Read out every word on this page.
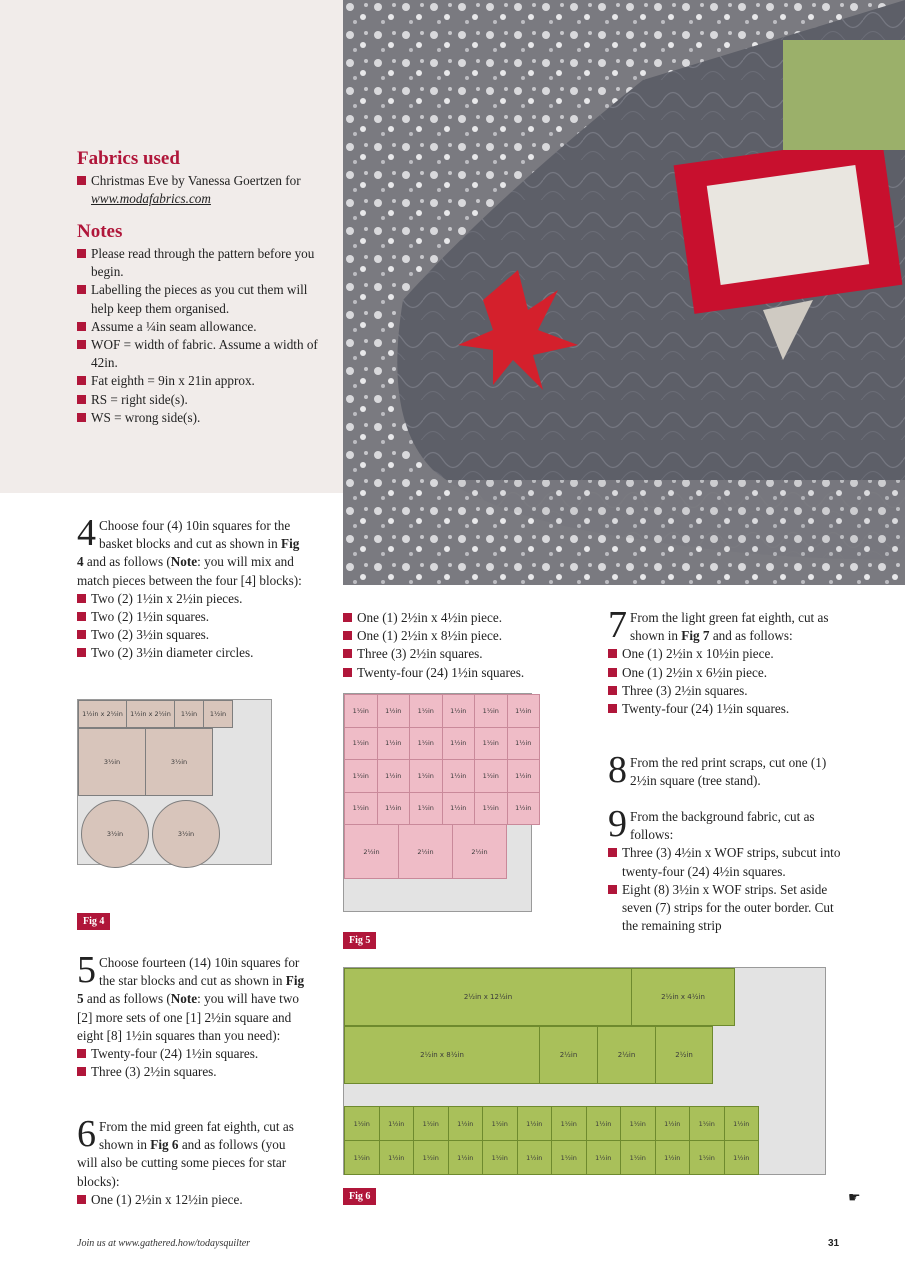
Fabrics used
Christmas Eve by Vanessa Goertzen for www.modafabrics.com
Notes
Please read through the pattern before you begin.
Labelling the pieces as you cut them will help keep them organised.
Assume a ¼in seam allowance.
WOF = width of fabric. Assume a width of 42in.
Fat eighth = 9in x 21in approx.
RS = right side(s).
WS = wrong side(s).
4 Choose four (4) 10in squares for the basket blocks and cut as shown in Fig 4 and as follows (Note: you will mix and match pieces between the four [4] blocks):

Two (2) 1½in x 2½in pieces.
Two (2) 1½in squares.
Two (2) 3½in squares.
Two (2) 3½in diameter circles.
1½in x 2½in	1½in x 2½in	1½in	1½in
3½in	3½in
3½in	3½in
Fig 4
5 Choose fourteen (14) 10in squares for the star blocks and cut as shown in Fig 5 and as follows (Note: you will have two [2] more sets of one [1] 2½in square and eight [8] 1½in squares than you need):

Twenty-four (24) 1½in squares.
Three (3) 2½in squares.
6 From the mid green fat eighth, cut as shown in Fig 6 and as follows (you will also be cutting some pieces for star blocks):

One (1) 2½in x 12½in piece.
One (1) 2½in x 4½in piece.
One (1) 2½in x 8½in piece.
Three (3) 2½in squares.
Twenty-four (24) 1½in squares.
1½in	1½in	1½in	1½in	1½in	1½in
1½in	1½in	1½in	1½in	1½in	1½in
1½in	1½in	1½in	1½in	1½in	1½in
1½in	1½in	1½in	1½in	1½in	1½in
2½in	2½in	2½in
Fig 5
7 From the light green fat eighth, cut as shown in Fig 7 and as follows:

One (1) 2½in x 10½in piece.
One (1) 2½in x 6½in piece.
Three (3) 2½in squares.
Twenty-four (24) 1½in squares.
8 From the red print scraps, cut one (1) 2½in square (tree stand).

9 From the background fabric, cut as follows:

Three (3) 4½in x WOF strips, subcut into twenty-four (24) 4½in squares.
Eight (8) 3½in x WOF strips. Set aside seven (7) strips for the outer border. Cut the remaining strip
2½in x 12½in	2½in x 4½in
2½in x 8½in	2½in	2½in	2½in
1½in	1½in	1½in	1½in	1½in	1½in	1½in	1½in	1½in	1½in	1½in	1½in
1½in	1½in	1½in	1½in	1½in	1½in	1½in	1½in	1½in	1½in	1½in	1½in
Fig 6	☛
Join us at www.gathered.how/todaysquilter	31
